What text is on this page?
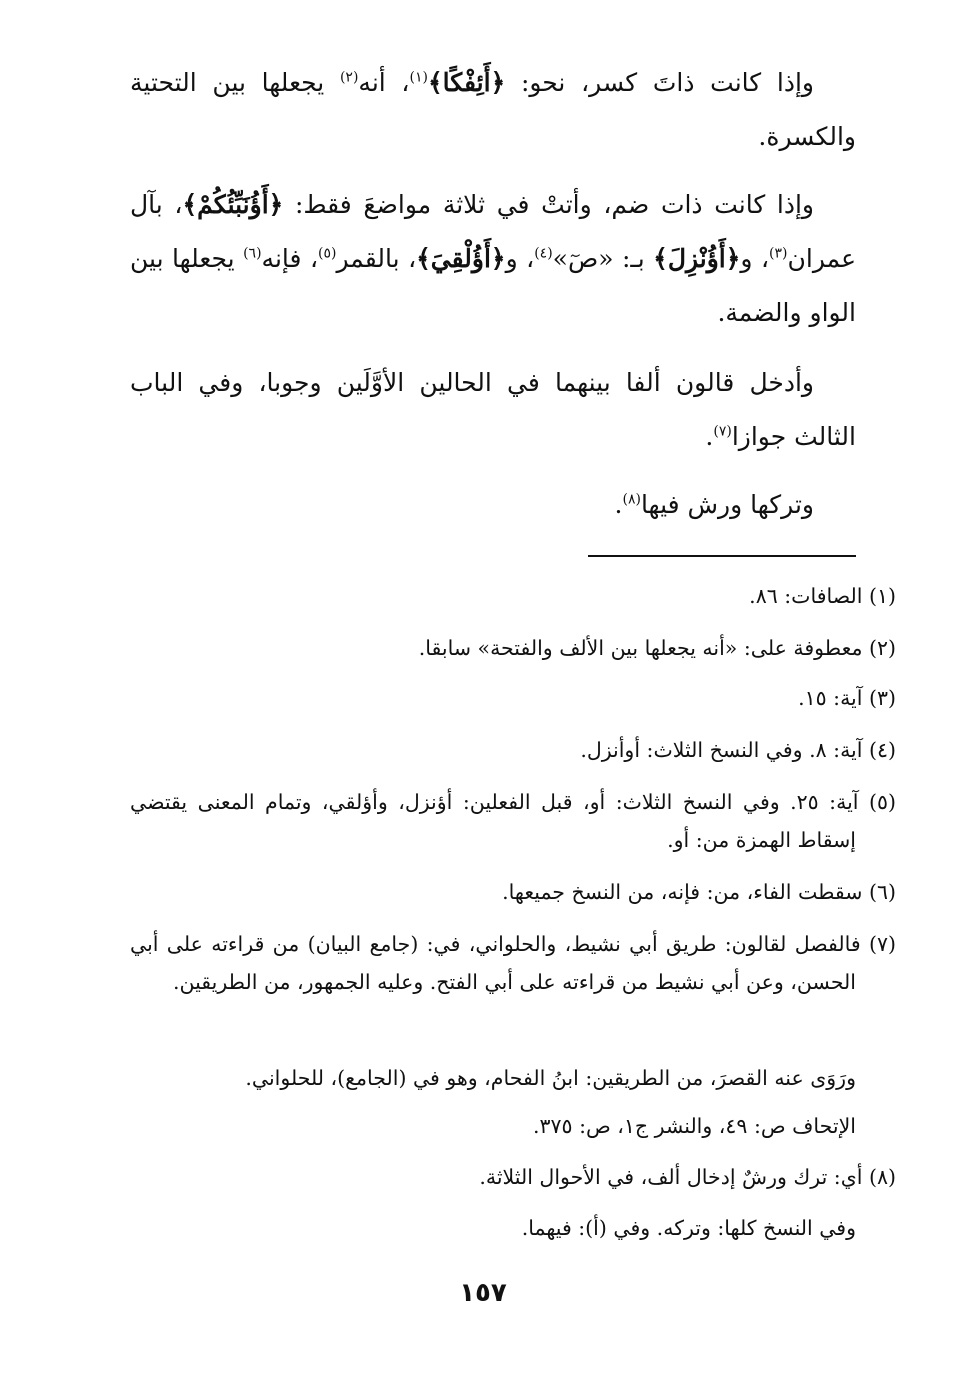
وإذا كانت ذاتَ كسر، نحو: ﴿أَئِفْكًا﴾$^{(١)}$، أنه$^{(٢)}$ يجعلها بين التحتية والكسرة.

وإذا كانت ذات ضم، وأتتْ في ثلاثة مواضعَ فقط: ﴿أَؤُنَبِّئُكُمْ﴾، بآل عمران$^{(٣)}$، و﴿أَؤُنْزِلَ﴾ بـ: «صٓ»$^{(٤)}$، و﴿أَؤُلْقِيَ﴾، بالقمر$^{(٥)}$، فإنه$^{(٦)}$ يجعلها بين الواو والضمة.

وأدخل قالون ألفا بينهما في الحالين الأوَّلَين وجوبا، وفي الباب الثالث جوازا$^{(٧)}$.

وتركها ورش فيها$^{(٨)}$.

(١) الصافات: ٨٦.

(٢) معطوفة على: «أنه يجعلها بين الألف والفتحة» سابقا.

(٣) آية: ١٥.

(٤) آية: ٨. وفي النسخ الثلاث: أوأنزل.

(٥) آية: ٢٥. وفي النسخ الثلاث: أو، قبل الفعلين: أؤنزل، وأؤلقي، وتمام المعنى يقتضي إسقاط الهمزة من: أو.

(٦) سقطت الفاء، من: فإنه، من النسخ جميعها.

(٧) فالفصل لقالون: طريق أبي نشيط، والحلواني، في: (جامع البيان) من قراءته على أبي الحسن، وعن أبي نشيط من قراءته على أبي الفتح. وعليه الجمهور، من الطريقين.

ورَوَى عنه القصرَ، من الطريقين: ابنُ الفحام، وهو في (الجامع)، للحلواني.

الإتحاف ص: ٤٩، والنشر ج١، ص: ٣٧٥.

(٨) أي: ترك ورشٌ إدخال ألف، في الأحوال الثلاثة.

وفي النسخ كلها: وتركه. وفي (أ): فيهما.

١٥٧
